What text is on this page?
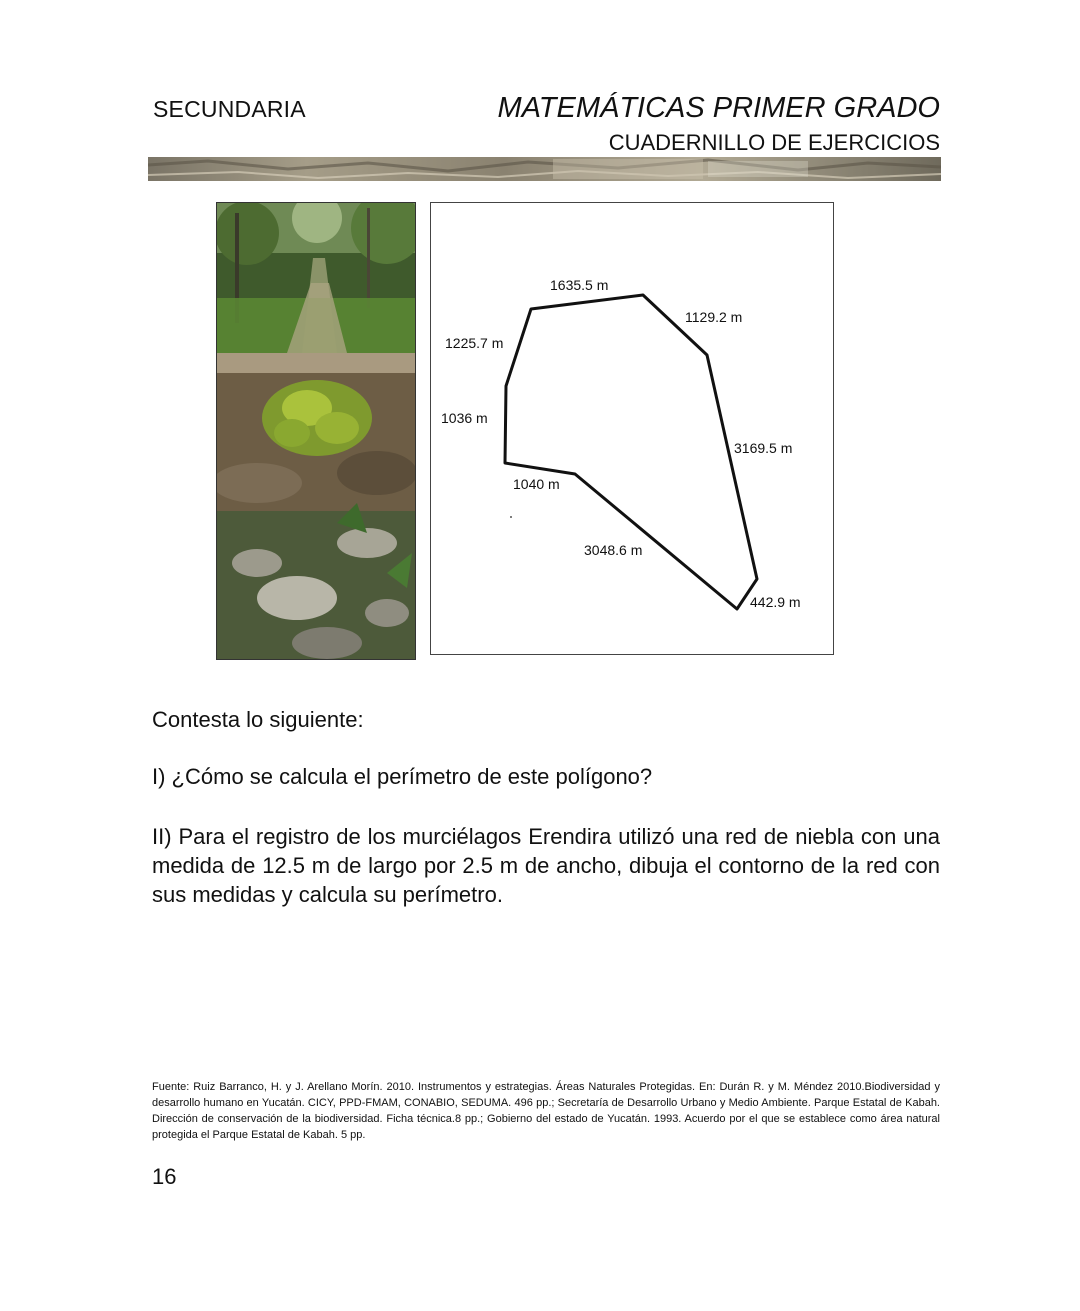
SECUNDARIA	MATEMÁTICAS PRIMER GRADO
CUADERNILLO DE EJERCICIOS
1635.5 m
1129.2 m
3169.5 m
442.9 m
3048.6 m
1040 m
1036 m
1225.7 m
Contesta lo siguiente:
I) ¿Cómo se calcula el perímetro de este polígono?
II) Para el registro de los murciélagos Erendira utilizó una red de niebla con una medida de 12.5 m de largo por 2.5 m de ancho, dibuja el contorno de la red con sus medidas y calcula su perímetro.
Fuente: Ruiz Barranco, H. y J. Arellano Morín. 2010. Instrumentos y estrategias. Áreas Naturales Protegidas. En: Durán R. y M. Méndez 2010.Biodiversidad y desarrollo humano en Yucatán. CICY, PPD-FMAM, CONABIO, SEDUMA. 496 pp.; Secretaría de Desarrollo Urbano y Medio Ambiente. Parque Estatal de Kabah. Dirección de conservación de la biodiversidad. Ficha técnica.8 pp.; Gobierno del estado de Yucatán. 1993. Acuerdo por el que se establece como área natural protegida el Parque Estatal de Kabah. 5 pp.
16
